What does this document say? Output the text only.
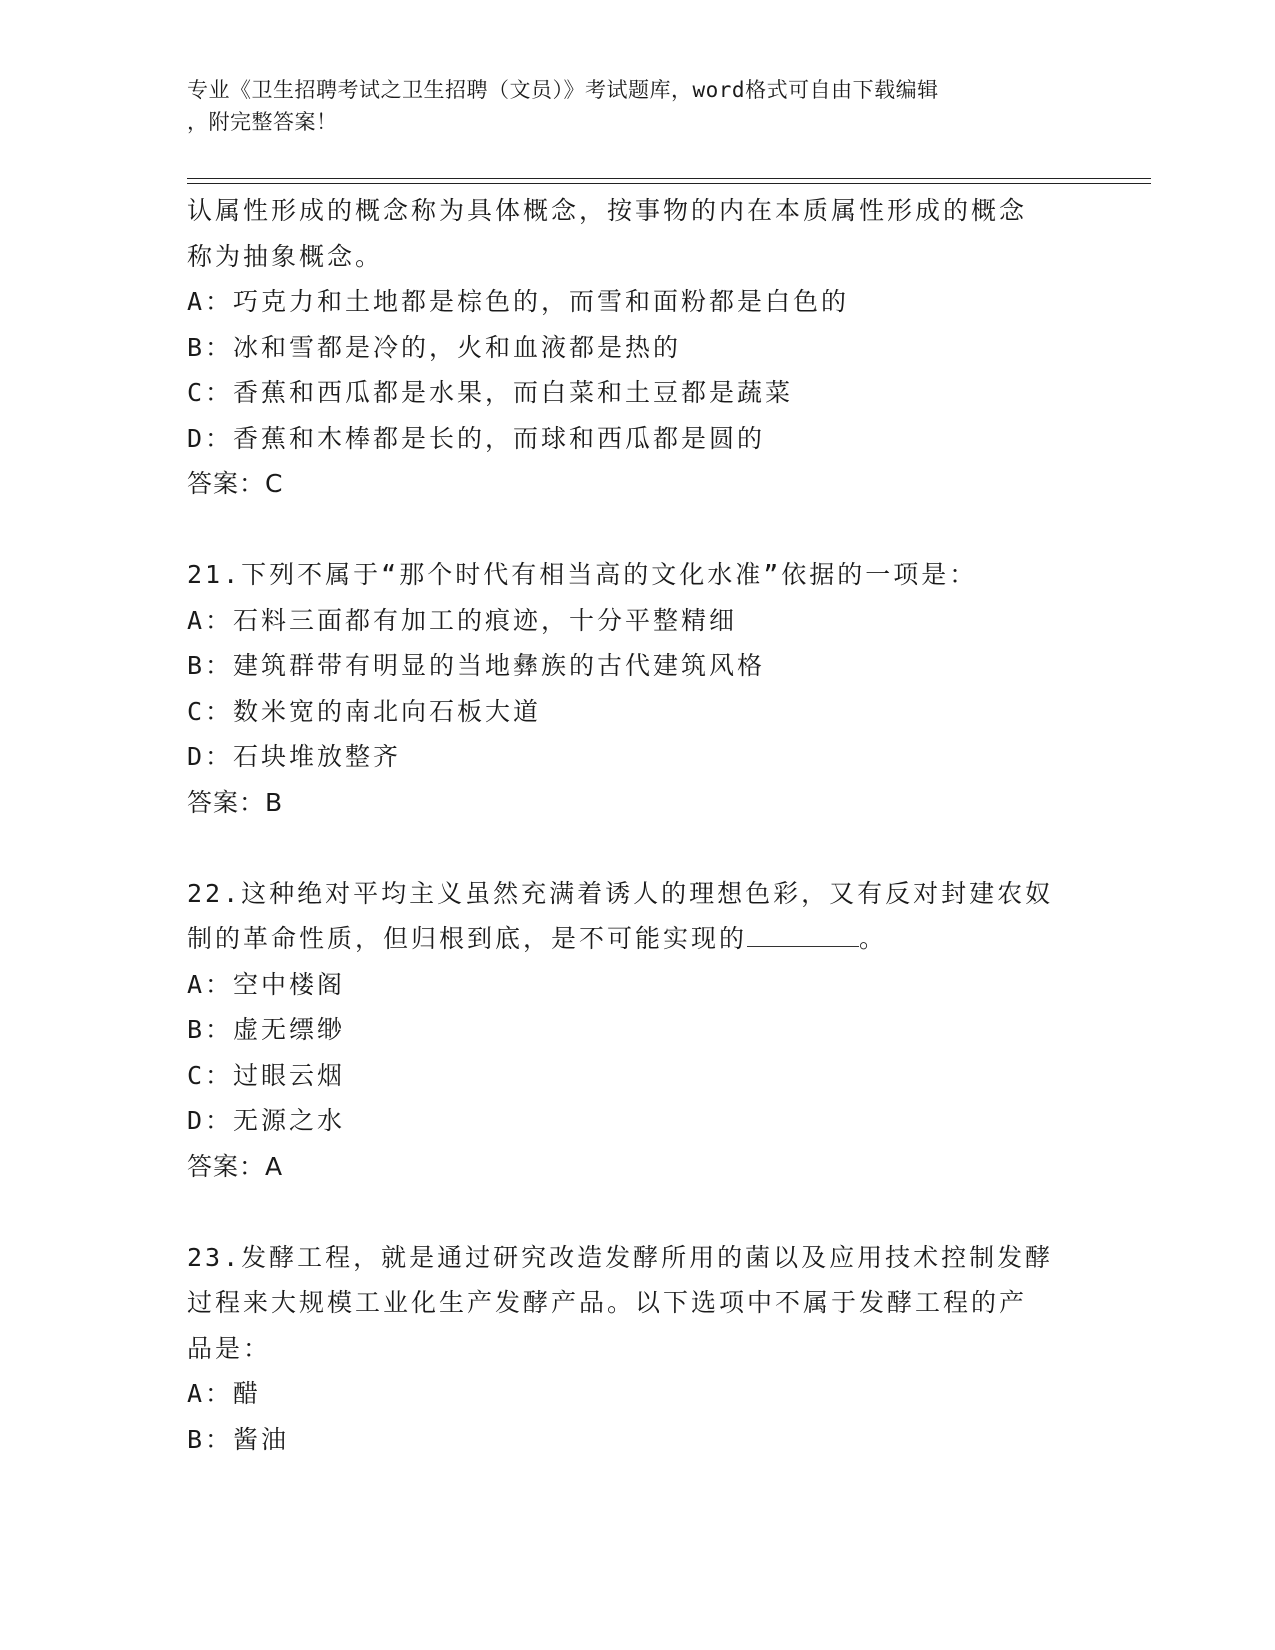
专业《卫生招聘考试之卫生招聘（文员）》考试题库，word格式可自由下载编辑
，附完整答案！
认属性形成的概念称为具体概念，按事物的内在本质属性形成的概念
称为抽象概念。
A：巧克力和土地都是棕色的，而雪和面粉都是白色的
B：冰和雪都是冷的，火和血液都是热的
C：香蕉和西瓜都是水果，而白菜和土豆都是蔬菜
D：香蕉和木棒都是长的，而球和西瓜都是圆的
答案：C
21.下列不属于“那个时代有相当高的文化水准”依据的一项是：
A：石料三面都有加工的痕迹，十分平整精细
B：建筑群带有明显的当地彝族的古代建筑风格
C：数米宽的南北向石板大道
D：石块堆放整齐
答案：B
22.这种绝对平均主义虽然充满着诱人的理想色彩，又有反对封建农奴
制的革命性质，但归根到底，是不可能实现的	。
A：空中楼阁
B：虚无缥缈
C：过眼云烟
D：无源之水
答案：A
23.发酵工程，就是通过研究改造发酵所用的菌以及应用技术控制发酵
过程来大规模工业化生产发酵产品。以下选项中不属于发酵工程的产
品是：
A：醋
B：酱油
